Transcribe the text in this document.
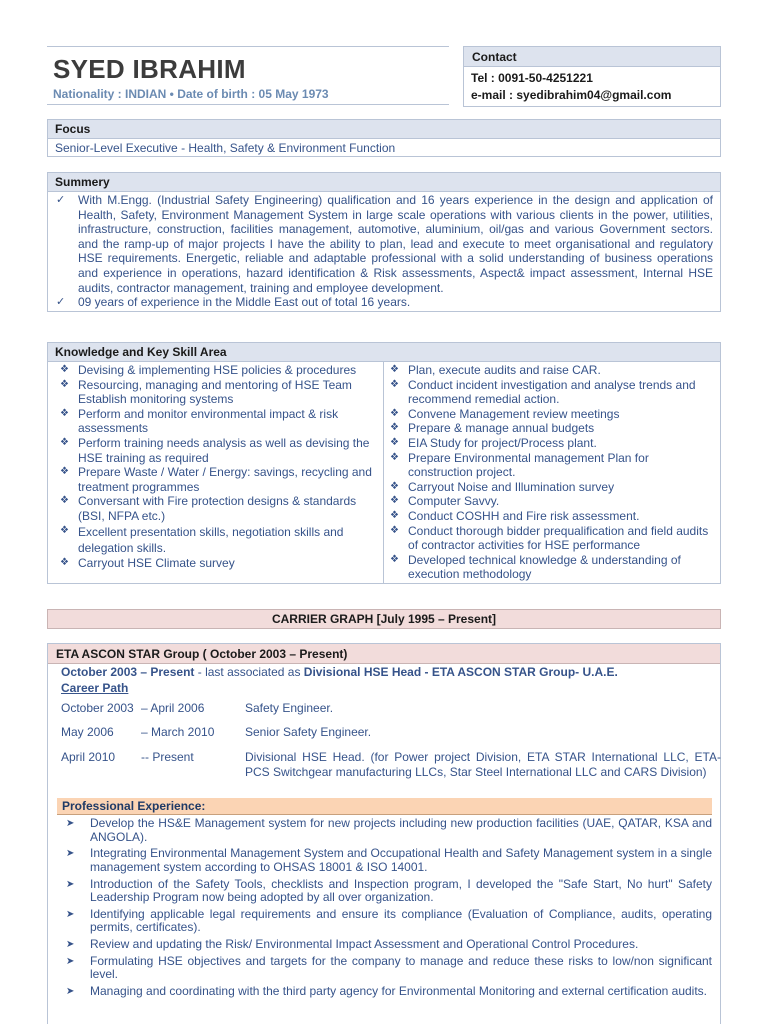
SYED IBRAHIM
Nationality : INDIAN • Date of birth : 05 May 1973
Contact
Tel : 0091-50-4251221
e-mail : syedibrahim04@gmail.com
Focus
Senior-Level Executive - Health, Safety & Environment Function
Summery
✓	With M.Engg. (Industrial Safety Engineering) qualification and 16 years experience in the design and application of Health, Safety, Environment Management System in large scale operations with various clients in the power, utilities, infrastructure, construction, facilities management, automotive, aluminium, oil/gas and various Government sectors. and the ramp-up of major projects I have the ability to plan, lead and execute to meet organisational and regulatory HSE requirements. Energetic, reliable and adaptable professional with a solid understanding of business operations and experience in operations, hazard identification & Risk assessments, Aspect& impact assessment, Internal HSE audits, contractor management, training and employee development.
✓	09 years of experience in the Middle East out of total 16 years.
Knowledge and Key Skill Area
❖ Devising & implementing HSE policies & procedures
❖ Resourcing, managing and mentoring of HSE Team Establish monitoring systems
❖ Perform and monitor environmental impact & risk assessments
❖ Perform training needs analysis as well as devising the HSE training as required
❖ Prepare Waste / Water / Energy: savings, recycling and treatment programmes
❖ Conversant with Fire protection designs & standards (BSI, NFPA etc.)
❖ Excellent presentation skills, negotiation skills and delegation skills.
❖ Carryout HSE Climate survey
❖ Plan, execute audits and raise CAR.
❖ Conduct incident investigation and analyse trends and recommend remedial action.
❖ Convene Management review meetings
❖ Prepare & manage annual budgets
❖ EIA Study for project/Process plant.
❖ Prepare Environmental management Plan for construction project.
❖ Carryout Noise and Illumination survey
❖ Computer Savvy.
❖ Conduct COSHH and Fire risk assessment.
❖ Conduct thorough bidder prequalification and field audits of contractor activities for HSE performance
❖ Developed technical knowledge & understanding of execution methodology
CARRIER GRAPH [July 1995 – Present]
ETA ASCON STAR Group ( October 2003 – Present)
October 2003 – Present - last associated as Divisional HSE Head - ETA ASCON STAR Group- U.A.E.
Career Path
October 2003 – April 2006	Safety Engineer.
May 2006	– March 2010	Senior Safety Engineer.
April 2010	-- Present	Divisional HSE Head. (for Power project Division, ETA STAR International LLC, ETA- PCS Switchgear manufacturing LLCs, Star Steel International LLC and CARS Division)
Professional Experience:
➤	Develop the HS&E Management system for new projects including new production facilities (UAE, QATAR, KSA and ANGOLA).
➤	Integrating Environmental Management System and Occupational Health and Safety Management system in a single management system according to OHSAS 18001 & ISO 14001.
➤	Introduction of the Safety Tools, checklists and Inspection program, I developed the "Safe Start, No hurt" Safety Leadership Program now being adopted by all over organization.
➤	Identifying applicable legal requirements and ensure its compliance (Evaluation of Compliance, audits, operating permits, certificates).
➤	Review and updating the Risk/ Environmental Impact Assessment and Operational Control Procedures.
➤	Formulating HSE objectives and targets for the company to manage and reduce these risks to low/non significant level.
➤	Managing and coordinating with the third party agency for Environmental Monitoring and external certification audits.
